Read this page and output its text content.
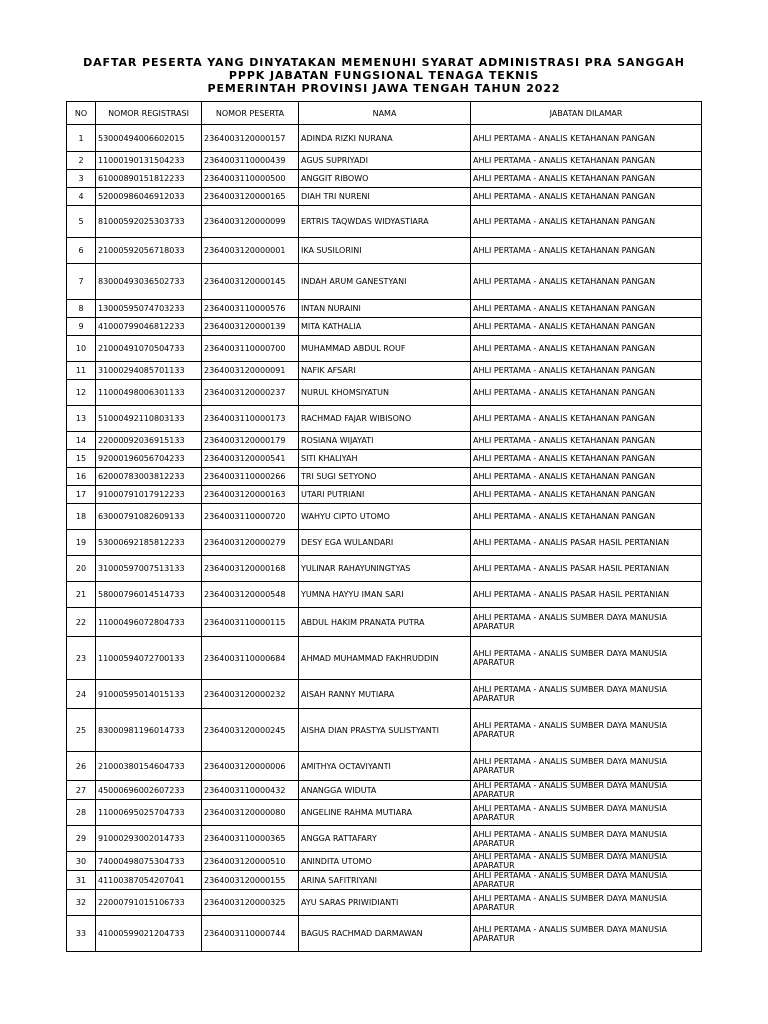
DAFTAR PESERTA YANG DINYATAKAN MEMENUHI SYARAT ADMINISTRASI PRA SANGGAH
PPPK JABATAN FUNGSIONAL TENAGA TEKNIS
PEMERINTAH PROVINSI JAWA TENGAH TAHUN 2022
NO	NOMOR REGISTRASI	NOMOR PESERTA	NAMA	JABATAN DILAMAR
1	53000494006602015	2364003120000157	ADINDA RIZKI NURANA	AHLI PERTAMA - ANALIS KETAHANAN PANGAN
2	11000190131504233	2364003110000439	AGUS SUPRIYADI	AHLI PERTAMA - ANALIS KETAHANAN PANGAN
3	61000890151812233	2364003110000500	ANGGIT RIBOWO	AHLI PERTAMA - ANALIS KETAHANAN PANGAN
4	52000986046912033	2364003120000165	DIAH TRI NURENI	AHLI PERTAMA - ANALIS KETAHANAN PANGAN
5	81000592025303733	2364003120000099	ERTRIS TAQWDAS WIDYASTIARA	AHLI PERTAMA - ANALIS KETAHANAN PANGAN
6	21000592056718033	2364003120000001	IKA SUSILORINI	AHLI PERTAMA - ANALIS KETAHANAN PANGAN
7	83000493036502733	2364003120000145	INDAH ARUM GANESTYANI	AHLI PERTAMA - ANALIS KETAHANAN PANGAN
8	13000595074703233	2364003110000576	INTAN NURAINI	AHLI PERTAMA - ANALIS KETAHANAN PANGAN
9	41000799046812233	2364003120000139	MITA KATHALIA	AHLI PERTAMA - ANALIS KETAHANAN PANGAN
10	21000491070504733	2364003110000700	MUHAMMAD ABDUL ROUF	AHLI PERTAMA - ANALIS KETAHANAN PANGAN
11	31000294085701133	2364003120000091	NAFIK AFSARI	AHLI PERTAMA - ANALIS KETAHANAN PANGAN
12	11000498006301133	2364003120000237	NURUL KHOMSIYATUN	AHLI PERTAMA - ANALIS KETAHANAN PANGAN
13	51000492110803133	2364003110000173	RACHMAD FAJAR WIBISONO	AHLI PERTAMA - ANALIS KETAHANAN PANGAN
14	22000092036915133	2364003120000179	ROSIANA WIJAYATI	AHLI PERTAMA - ANALIS KETAHANAN PANGAN
15	92000196056704233	2364003120000541	SITI KHALIYAH	AHLI PERTAMA - ANALIS KETAHANAN PANGAN
16	62000783003812233	2364003110000266	TRI SUGI SETYONO	AHLI PERTAMA - ANALIS KETAHANAN PANGAN
17	91000791017912233	2364003120000163	UTARI PUTRIANI	AHLI PERTAMA - ANALIS KETAHANAN PANGAN
18	63000791082609133	2364003110000720	WAHYU CIPTO UTOMO	AHLI PERTAMA - ANALIS KETAHANAN PANGAN
19	53000692185812233	2364003120000279	DESY EGA WULANDARI	AHLI PERTAMA - ANALIS PASAR HASIL PERTANIAN
20	31000597007513133	2364003120000168	YULINAR RAHAYUNINGTYAS	AHLI PERTAMA - ANALIS PASAR HASIL PERTANIAN
21	58000796014514733	2364003120000548	YUMNA HAYYU IMAN SARI	AHLI PERTAMA - ANALIS PASAR HASIL PERTANIAN
22	11000496072804733	2364003110000115	ABDUL HAKIM PRANATA PUTRA	AHLI PERTAMA - ANALIS SUMBER DAYA MANUSIA APARATUR
23	11000594072700133	2364003110000684	AHMAD MUHAMMAD FAKHRUDDIN	AHLI PERTAMA - ANALIS SUMBER DAYA MANUSIA APARATUR
24	91000595014015133	2364003120000232	AISAH RANNY MUTIARA	AHLI PERTAMA - ANALIS SUMBER DAYA MANUSIA APARATUR
25	83000981196014733	2364003120000245	AISHA DIAN PRASTYA SULISTYANTI	AHLI PERTAMA - ANALIS SUMBER DAYA MANUSIA APARATUR
26	21000380154604733	2364003120000006	AMITHYA OCTAVIYANTI	AHLI PERTAMA - ANALIS SUMBER DAYA MANUSIA APARATUR
27	45000696002607233	2364003110000432	ANANGGA WIDUTA	AHLI PERTAMA - ANALIS SUMBER DAYA MANUSIA APARATUR
28	11000695025704733	2364003120000080	ANGELINE RAHMA MUTIARA	AHLI PERTAMA - ANALIS SUMBER DAYA MANUSIA APARATUR
29	91000293002014733	2364003110000365	ANGGA RATTAFARY	AHLI PERTAMA - ANALIS SUMBER DAYA MANUSIA APARATUR
30	74000498075304733	2364003120000510	ANINDITA UTOMO	AHLI PERTAMA - ANALIS SUMBER DAYA MANUSIA APARATUR
31	41100387054207041	2364003120000155	ARINA SAFITRIYANI	AHLI PERTAMA - ANALIS SUMBER DAYA MANUSIA APARATUR
32	22000791015106733	2364003120000325	AYU SARAS PRIWIDIANTI	AHLI PERTAMA - ANALIS SUMBER DAYA MANUSIA APARATUR
33	41000599021204733	2364003110000744	BAGUS RACHMAD DARMAWAN	AHLI PERTAMA - ANALIS SUMBER DAYA MANUSIA APARATUR
